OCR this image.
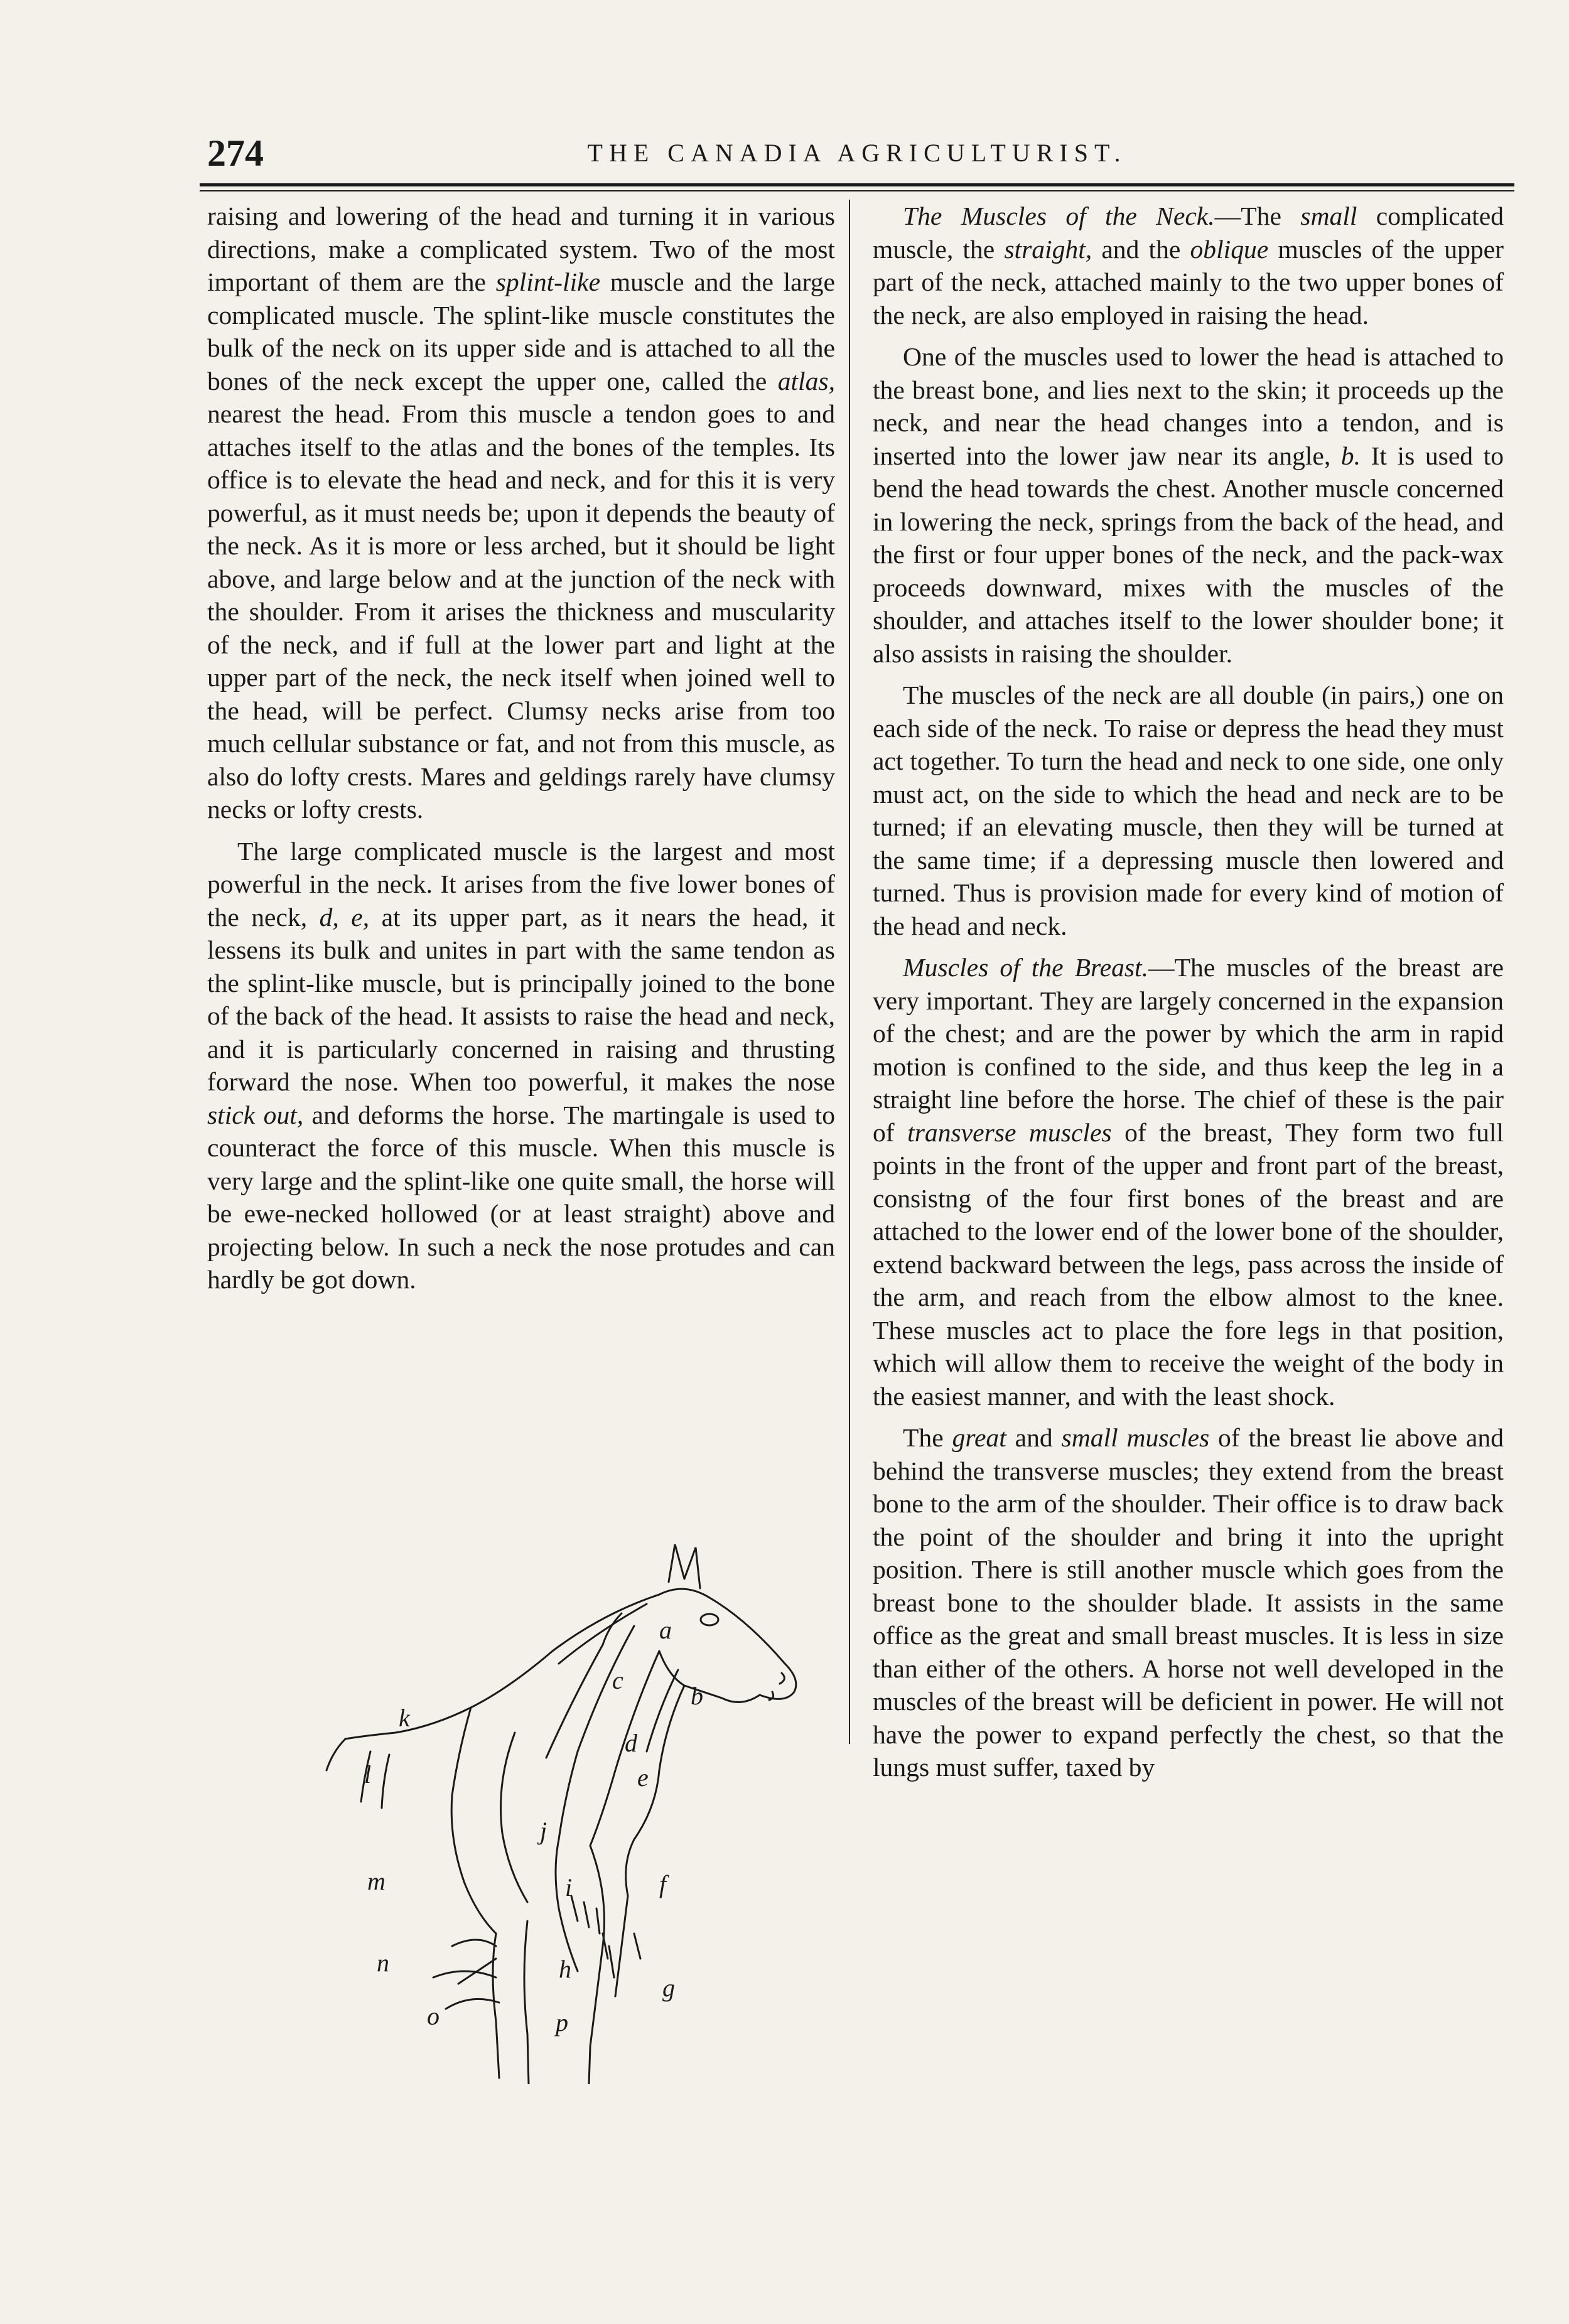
274	THE CANADIA AGRICULTURIST.

raising and lowering of the head and turning it in various directions, make a complicated system. Two of the most important of them are the splint-like muscle and the large complicated muscle. The splint-like muscle constitutes the bulk of the neck on its upper side and is attached to all the bones of the neck except the upper one, called the atlas, nearest the head. From this muscle a tendon goes to and attaches itself to the atlas and the bones of the temples. Its office is to elevate the head and neck, and for this it is very powerful, as it must needs be; upon it depends the beauty of the neck. As it is more or less arched, but it should be light above, and large below and at the junction of the neck with the shoulder. From it arises the thickness and muscularity of the neck, and if full at the lower part and light at the upper part of the neck, the neck itself when joined well to the head, will be perfect. Clumsy necks arise from too much cellular substance or fat, and not from this muscle, as also do lofty crests. Mares and geldings rarely have clumsy necks or lofty crests.

The large complicated muscle is the largest and most powerful in the neck. It arises from the five lower bones of the neck, d, e, at its upper part, as it nears the head, it lessens its bulk and unites in part with the same tendon as the splint-like muscle, but is principally joined to the bone of the back of the head. It assists to raise the head and neck, and it is particularly concerned in raising and thrusting forward the nose. When too powerful, it makes the nose stick out, and deforms the horse. The martingale is used to counteract the force of this muscle. When this muscle is very large and the splint-like one quite small, the horse will be ewe-necked hollowed (or at least straight) above and projecting below. In such a neck the nose protudes and can hardly be got down.

a
b
c
d
e
f
g
h
i
j
k
l
m
n
o	p

The Muscles of the Neck.—The small complicated muscle, the straight, and the oblique muscles of the upper part of the neck, attached mainly to the two upper bones of the neck, are also employed in raising the head.

One of the muscles used to lower the head is attached to the breast bone, and lies next to the skin; it proceeds up the neck, and near the head changes into a tendon, and is inserted into the lower jaw near its angle, b. It is used to bend the head towards the chest. Another muscle concerned in lowering the neck, springs from the back of the head, and the first or four upper bones of the neck, and the pack-wax proceeds downward, mixes with the muscles of the shoulder, and attaches itself to the lower shoulder bone; it also assists in raising the shoulder.

The muscles of the neck are all double (in pairs,) one on each side of the neck. To raise or depress the head they must act together. To turn the head and neck to one side, one only must act, on the side to which the head and neck are to be turned; if an elevating muscle, then they will be turned at the same time; if a depressing muscle then lowered and turned. Thus is provision made for every kind of motion of the head and neck.

Muscles of the Breast.—The muscles of the breast are very important. They are largely concerned in the expansion of the chest; and are the power by which the arm in rapid motion is confined to the side, and thus keep the leg in a straight line before the horse. The chief of these is the pair of transverse muscles of the breast, They form two full points in the front of the upper and front part of the breast, consistng of the four first bones of the breast and are attached to the lower end of the lower bone of the shoulder, extend backward between the legs, pass across the inside of the arm, and reach from the elbow almost to the knee. These muscles act to place the fore legs in that position, which will allow them to receive the weight of the body in the easiest manner, and with the least shock.

The great and small muscles of the breast lie above and behind the transverse muscles; they extend from the breast bone to the arm of the shoulder. Their office is to draw back the point of the shoulder and bring it into the upright position. There is still another muscle which goes from the breast bone to the shoulder blade. It assists in the same office as the great and small breast muscles. It is less in size than either of the others. A horse not well developed in the muscles of the breast will be deficient in power. He will not have the power to expand perfectly the chest, so that the lungs must suffer, taxed by
